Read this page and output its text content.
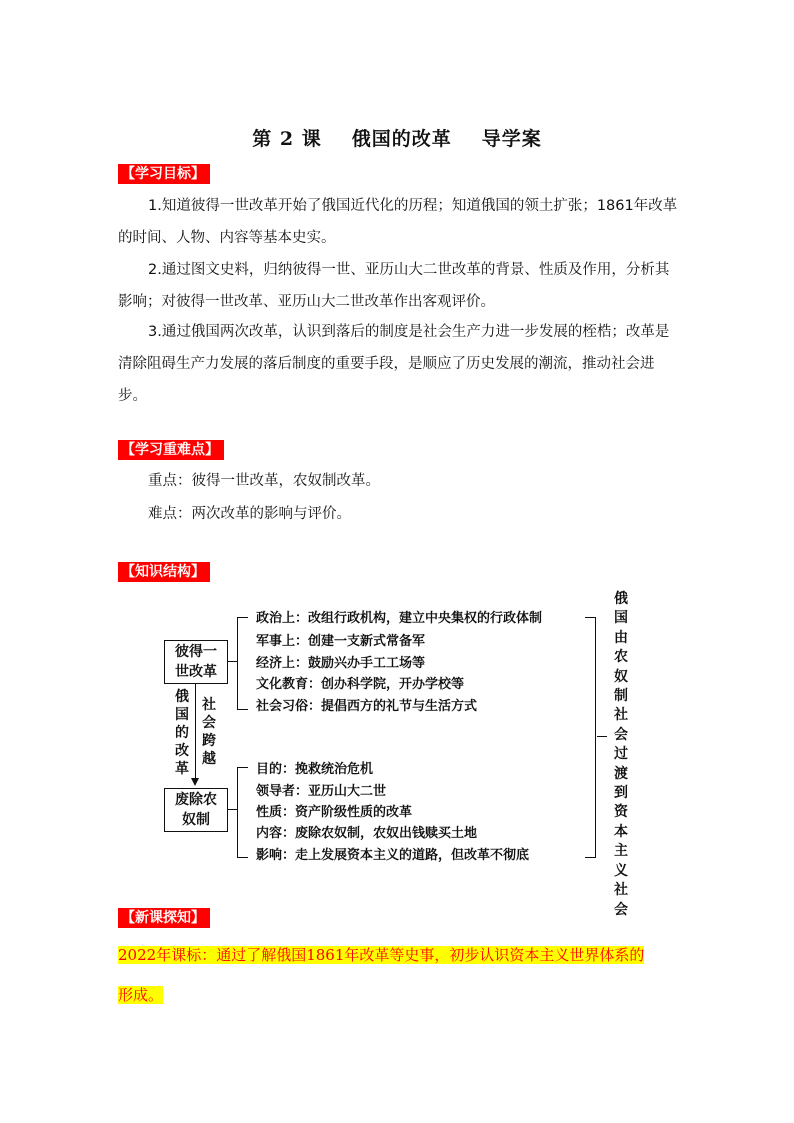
第 2 课 俄国的改革 导学案
【学习目标】
1.知道彼得一世改革开始了俄国近代化的历程；知道俄国的领土扩张；1861年改革的时间、人物、内容等基本史实。
2.通过图文史料，归纳彼得一世、亚历山大二世改革的背景、性质及作用，分析其影响；对彼得一世改革、亚历山大二世改革作出客观评价。
3.通过俄国两次改革，认识到落后的制度是社会生产力进一步发展的桎梏；改革是清除阻碍生产力发展的落后制度的重要手段，是顺应了历史发展的潮流，推动社会进步。
【学习重难点】
重点：彼得一世改革，农奴制改革。
难点：两次改革的影响与评价。
【知识结构】
彼得一世改革
废除农奴制
俄国的改革
社会跨越
政治上：改组行政机构，建立中央集权的行政体制
军事上：创建一支新式常备军
经济上：鼓励兴办手工工场等
文化教育：创办科学院，开办学校等
社会习俗：提倡西方的礼节与生活方式
目的：挽救统治危机
领导者：亚历山大二世
性质：资产阶级性质的改革
内容：废除农奴制，农奴出钱赎买土地
影响：走上发展资本主义的道路，但改革不彻底
俄国由农奴制社会过渡到资本主义社会
【新课探知】
2022年课标：通过了解俄国1861年改革等史事，初步认识资本主义世界体系的
形成。
